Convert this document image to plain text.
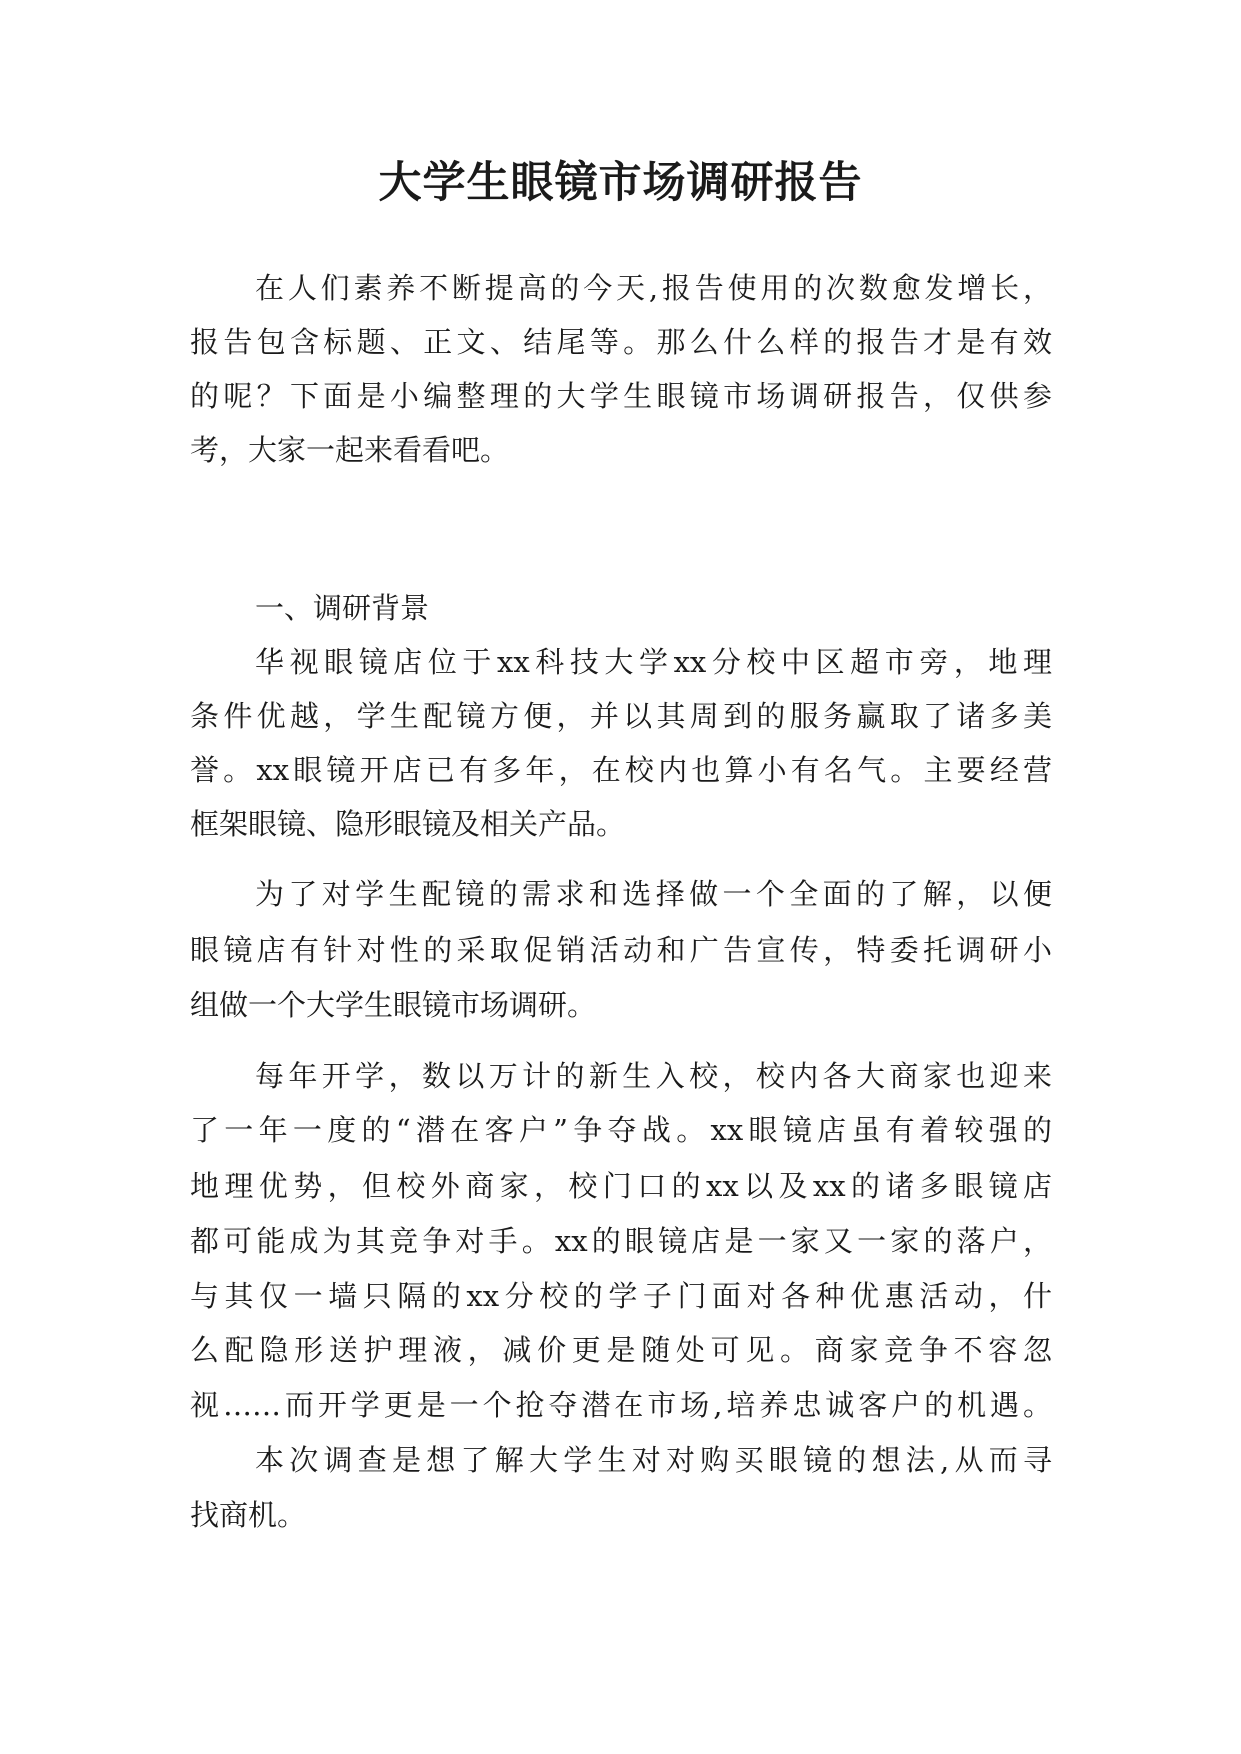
大学生眼镜市场调研报告

在人们素养不断提高的今天,报告使用的次数愈发增长，

报告包含标题、正文、结尾等。那么什么样的报告才是有效

的呢？下面是小编整理的大学生眼镜市场调研报告，仅供参

考，大家一起来看看吧。

一、调研背景

华视眼镜店位于xx科技大学xx分校中区超市旁，地理

条件优越，学生配镜方便，并以其周到的服务赢取了诸多美

誉。xx眼镜开店已有多年，在校内也算小有名气。主要经营

框架眼镜、隐形眼镜及相关产品。

为了对学生配镜的需求和选择做一个全面的了解，以便

眼镜店有针对性的采取促销活动和广告宣传，特委托调研小

组做一个大学生眼镜市场调研。

每年开学，数以万计的新生入校，校内各大商家也迎来

了一年一度的“潜在客户”争夺战。xx眼镜店虽有着较强的

地理优势，但校外商家，校门口的xx以及xx的诸多眼镜店

都可能成为其竞争对手。xx的眼镜店是一家又一家的落户，

与其仅一墙只隔的xx分校的学子门面对各种优惠活动，什

么配隐形送护理液，减价更是随处可见。商家竞争不容忽

视……而开学更是一个抢夺潜在市场,培养忠诚客户的机遇。

本次调查是想了解大学生对对购买眼镜的想法,从而寻

找商机。
